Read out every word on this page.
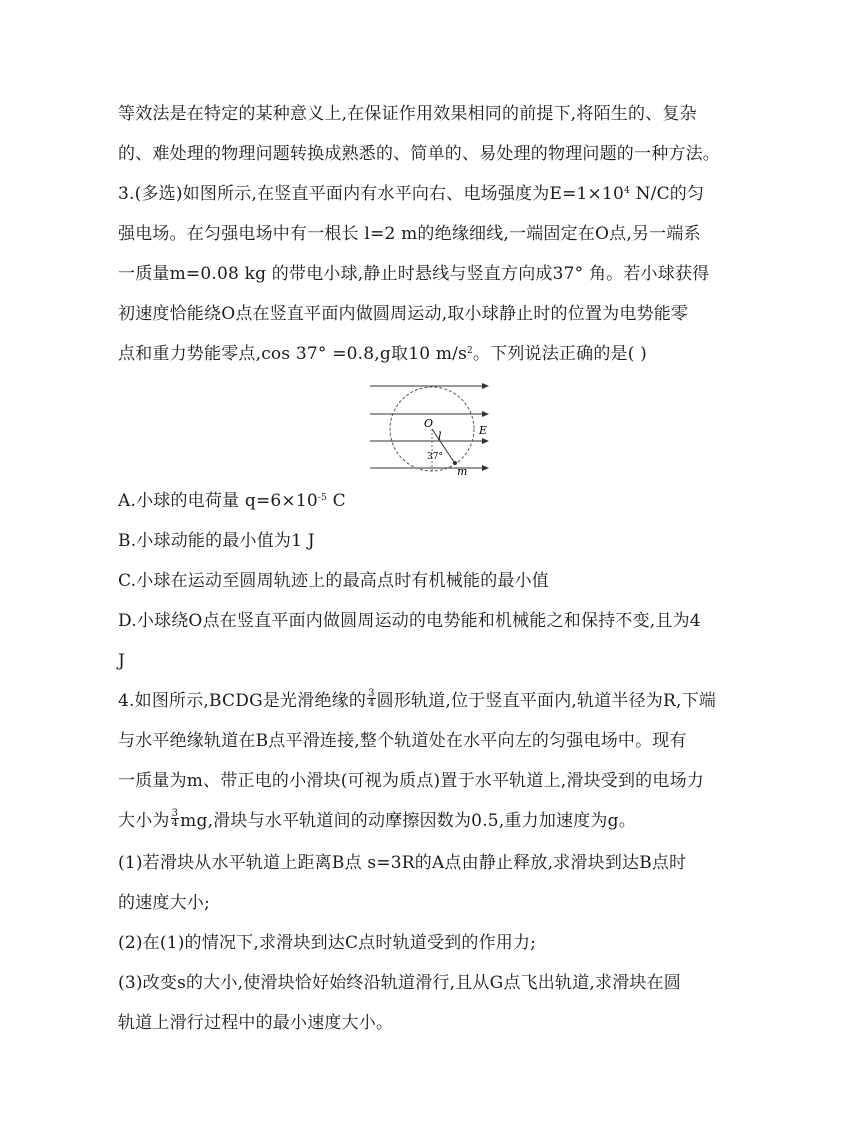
等效法是在特定的某种意义上,在保证作用效果相同的前提下,将陌生的、复杂
的、难处理的物理问题转换成熟悉的、简单的、易处理的物理问题的一种方法。
3.(多选)如图所示,在竖直平面内有水平向右、电场强度为$E=1\times 10^4$ N/C的匀
强电场。在匀强电场中有一根长 l=2 m的绝缘细线,一端固定在O点,另一端系
一质量m=0.08 kg 的带电小球,静止时悬线与竖直方向成37° 角。若小球获得
初速度恰能绕O点在竖直平面内做圆周运动,取小球静止时的位置为电势能零
点和重力势能零点,cos 37° =0.8,g取10 $m/s^2$。下列说法正确的是( )
O
l	E
37°
m
A.小球的电荷量 $q=6\times 10^{-5}$ C
B.小球动能的最小值为1 J
C.小球在运动至圆周轨迹上的最高点时有机械能的最小值
D.小球绕O点在竖直平面内做圆周运动的电势能和机械能之和保持不变,且为4
J
4.如图所示,BCDG是光滑绝缘的 $\frac{3}{4}$ 圆形轨道,位于竖直平面内,轨道半径为R,下端
与水平绝缘轨道在B点平滑连接,整个轨道处在水平向左的匀强电场中。现有
一质量为m、带正电的小滑块(可视为质点)置于水平轨道上,滑块受到的电场力
大小为 $\frac{3}{4}$ mg,滑块与水平轨道间的动摩擦因数为0.5,重力加速度为g。
(1)若滑块从水平轨道上距离B点 s=3R的A点由静止释放,求滑块到达B点时
的速度大小;
(2)在(1)的情况下,求滑块到达C点时轨道受到的作用力;
(3)改变s的大小,使滑块恰好始终沿轨道滑行,且从G点飞出轨道,求滑块在圆
轨道上滑行过程中的最小速度大小。
